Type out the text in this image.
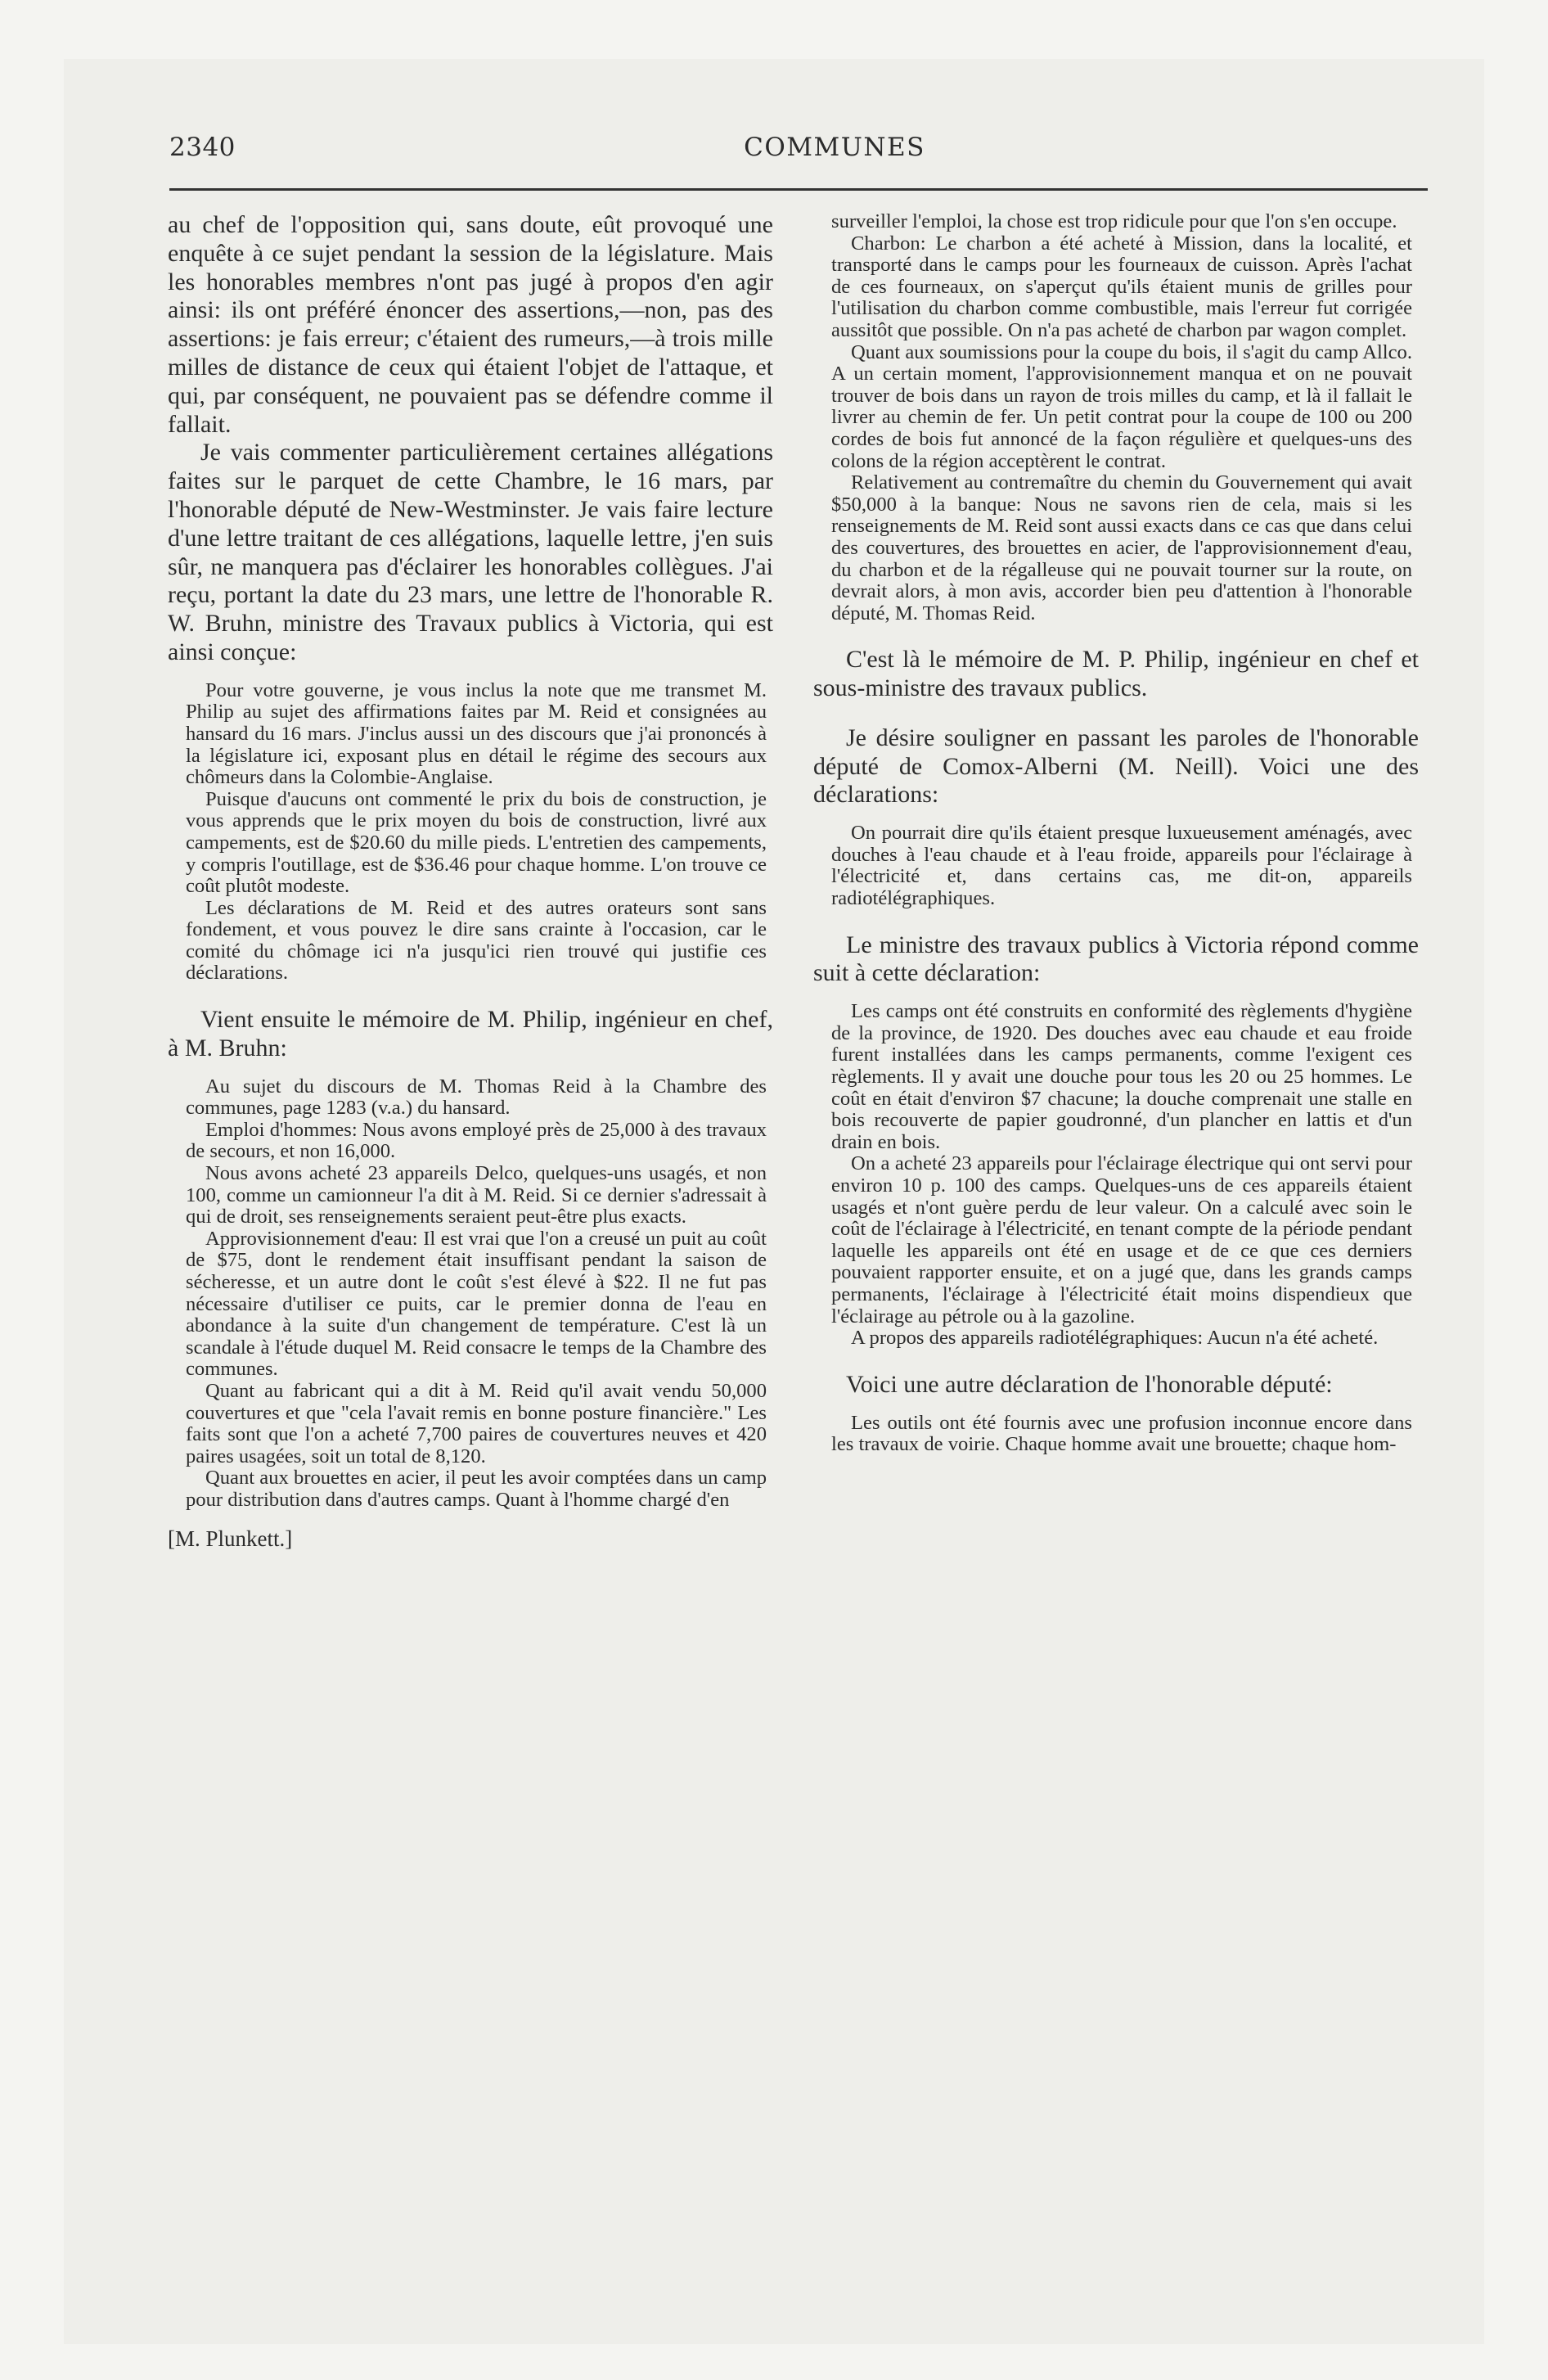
2340	COMMUNES

au chef de l'opposition qui, sans doute, eût provoqué une enquête à ce sujet pendant la session de la législature. Mais les honorables membres n'ont pas jugé à propos d'en agir ainsi: ils ont préféré énoncer des assertions,—non, pas des assertions: je fais erreur; c'étaient des rumeurs,—à trois mille milles de distance de ceux qui étaient l'objet de l'attaque, et qui, par conséquent, ne pouvaient pas se défendre comme il fallait.

Je vais commenter particulièrement certaines allégations faites sur le parquet de cette Chambre, le 16 mars, par l'honorable député de New-Westminster. Je vais faire lecture d'une lettre traitant de ces allégations, laquelle lettre, j'en suis sûr, ne manquera pas d'éclairer les honorables collègues. J'ai reçu, portant la date du 23 mars, une lettre de l'honorable R. W. Bruhn, ministre des Travaux publics à Victoria, qui est ainsi conçue:

Pour votre gouverne, je vous inclus la note que me transmet M. Philip au sujet des affirmations faites par M. Reid et consignées au hansard du 16 mars. J'inclus aussi un des discours que j'ai prononcés à la législature ici, exposant plus en détail le régime des secours aux chômeurs dans la Colombie-Anglaise.

Puisque d'aucuns ont commenté le prix du bois de construction, je vous apprends que le prix moyen du bois de construction, livré aux campements, est de $20.60 du mille pieds. L'entretien des campements, y compris l'outillage, est de $36.46 pour chaque homme. L'on trouve ce coût plutôt modeste.

Les déclarations de M. Reid et des autres orateurs sont sans fondement, et vous pouvez le dire sans crainte à l'occasion, car le comité du chômage ici n'a jusqu'ici rien trouvé qui justifie ces déclarations.

Vient ensuite le mémoire de M. Philip, ingénieur en chef, à M. Bruhn:

Au sujet du discours de M. Thomas Reid à la Chambre des communes, page 1283 (v.a.) du hansard.

Emploi d'hommes: Nous avons employé près de 25,000 à des travaux de secours, et non 16,000.

Nous avons acheté 23 appareils Delco, quelques-uns usagés, et non 100, comme un camionneur l'a dit à M. Reid. Si ce dernier s'adressait à qui de droit, ses renseignements seraient peut-être plus exacts.

Approvisionnement d'eau: Il est vrai que l'on a creusé un puit au coût de $75, dont le rendement était insuffisant pendant la saison de sécheresse, et un autre dont le coût s'est élevé à $22. Il ne fut pas nécessaire d'utiliser ce puits, car le premier donna de l'eau en abondance à la suite d'un changement de température. C'est là un scandale à l'étude duquel M. Reid consacre le temps de la Chambre des communes.

Quant au fabricant qui a dit à M. Reid qu'il avait vendu 50,000 couvertures et que "cela l'avait remis en bonne posture financière." Les faits sont que l'on a acheté 7,700 paires de couvertures neuves et 420 paires usagées, soit un total de 8,120.

Quant aux brouettes en acier, il peut les avoir comptées dans un camp pour distribution dans d'autres camps. Quant à l'homme chargé d'en

[M. Plunkett.]

surveiller l'emploi, la chose est trop ridicule pour que l'on s'en occupe.

Charbon: Le charbon a été acheté à Mission, dans la localité, et transporté dans le camps pour les fourneaux de cuisson. Après l'achat de ces fourneaux, on s'aperçut qu'ils étaient munis de grilles pour l'utilisation du charbon comme combustible, mais l'erreur fut corrigée aussitôt que possible. On n'a pas acheté de charbon par wagon complet.

Quant aux soumissions pour la coupe du bois, il s'agit du camp Allco. A un certain moment, l'approvisionnement manqua et on ne pouvait trouver de bois dans un rayon de trois milles du camp, et là il fallait le livrer au chemin de fer. Un petit contrat pour la coupe de 100 ou 200 cordes de bois fut annoncé de la façon régulière et quelques-uns des colons de la région acceptèrent le contrat.

Relativement au contremaître du chemin du Gouvernement qui avait $50,000 à la banque: Nous ne savons rien de cela, mais si les renseignements de M. Reid sont aussi exacts dans ce cas que dans celui des couvertures, des brouettes en acier, de l'approvisionnement d'eau, du charbon et de la régalleuse qui ne pouvait tourner sur la route, on devrait alors, à mon avis, accorder bien peu d'attention à l'honorable député, M. Thomas Reid.

C'est là le mémoire de M. P. Philip, ingénieur en chef et sous-ministre des travaux publics.

Je désire souligner en passant les paroles de l'honorable député de Comox-Alberni (M. Neill). Voici une des déclarations:

On pourrait dire qu'ils étaient presque luxueusement aménagés, avec douches à l'eau chaude et à l'eau froide, appareils pour l'éclairage à l'électricité et, dans certains cas, me dit-on, appareils radiotélégraphiques.

Le ministre des travaux publics à Victoria répond comme suit à cette déclaration:

Les camps ont été construits en conformité des règlements d'hygiène de la province, de 1920. Des douches avec eau chaude et eau froide furent installées dans les camps permanents, comme l'exigent ces règlements. Il y avait une douche pour tous les 20 ou 25 hommes. Le coût en était d'environ $7 chacune; la douche comprenait une stalle en bois recouverte de papier goudronné, d'un plancher en lattis et d'un drain en bois.

On a acheté 23 appareils pour l'éclairage électrique qui ont servi pour environ 10 p. 100 des camps. Quelques-uns de ces appareils étaient usagés et n'ont guère perdu de leur valeur. On a calculé avec soin le coût de l'éclairage à l'électricité, en tenant compte de la période pendant laquelle les appareils ont été en usage et de ce que ces derniers pouvaient rapporter ensuite, et on a jugé que, dans les grands camps permanents, l'éclairage à l'électricité était moins dispendieux que l'éclairage au pétrole ou à la gazoline.

A propos des appareils radiotélégraphiques: Aucun n'a été acheté.

Voici une autre déclaration de l'honorable député:

Les outils ont été fournis avec une profusion inconnue encore dans les travaux de voirie. Chaque homme avait une brouette; chaque hom-
